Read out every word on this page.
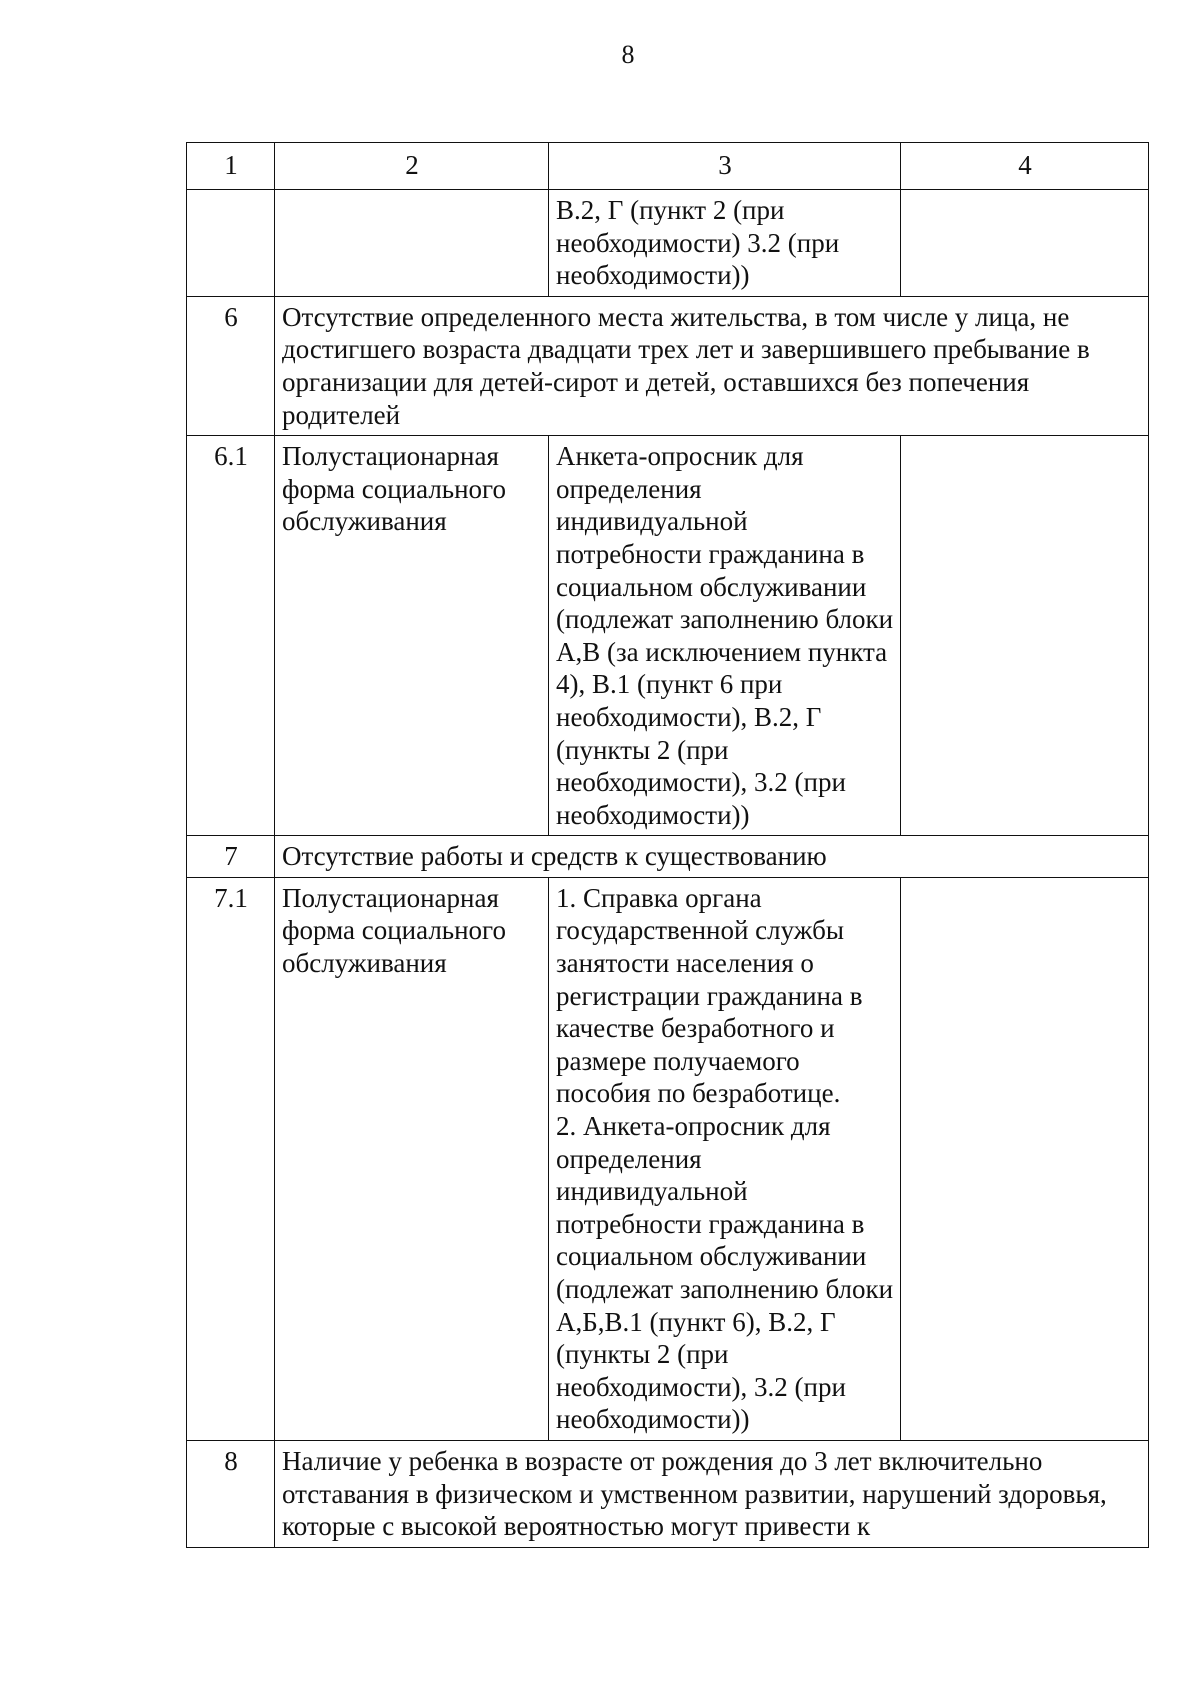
8
1	2	3	4
		В.2, Г (пункт 2 (при необходимости) 3.2 (при необходимости))	
6	Отсутствие определенного места жительства, в том числе у лица, не достигшего возраста двадцати трех лет и завершившего пребывание в организации для детей-сирот и детей, оставшихся без попечения родителей		
6.1	Полустационарная форма социального обслуживания	Анкета-опросник для определения индивидуальной потребности гражданина в социальном обслуживании (подлежат заполнению блоки А,В (за исключением пункта 4), В.1 (пункт 6 при необходимости), В.2, Г (пункты 2 (при необходимости), 3.2 (при необходимости))	
7	Отсутствие работы и средств к существованию		
7.1	Полустационарная форма социального обслуживания	1. Справка органа государственной службы занятости населения о регистрации гражданина в качестве безработного и размере получаемого пособия по безработице.
2. Анкета-опросник для определения индивидуальной потребности гражданина в социальном обслуживании (подлежат заполнению блоки А,Б,В.1 (пункт 6), В.2, Г (пункты 2 (при необходимости), 3.2 (при необходимости))	

8	Наличие у ребенка в возрасте от рождения до 3 лет включительно отставания в физическом и умственном развитии, нарушений здоровья, которые с высокой вероятностью могут привести к		
